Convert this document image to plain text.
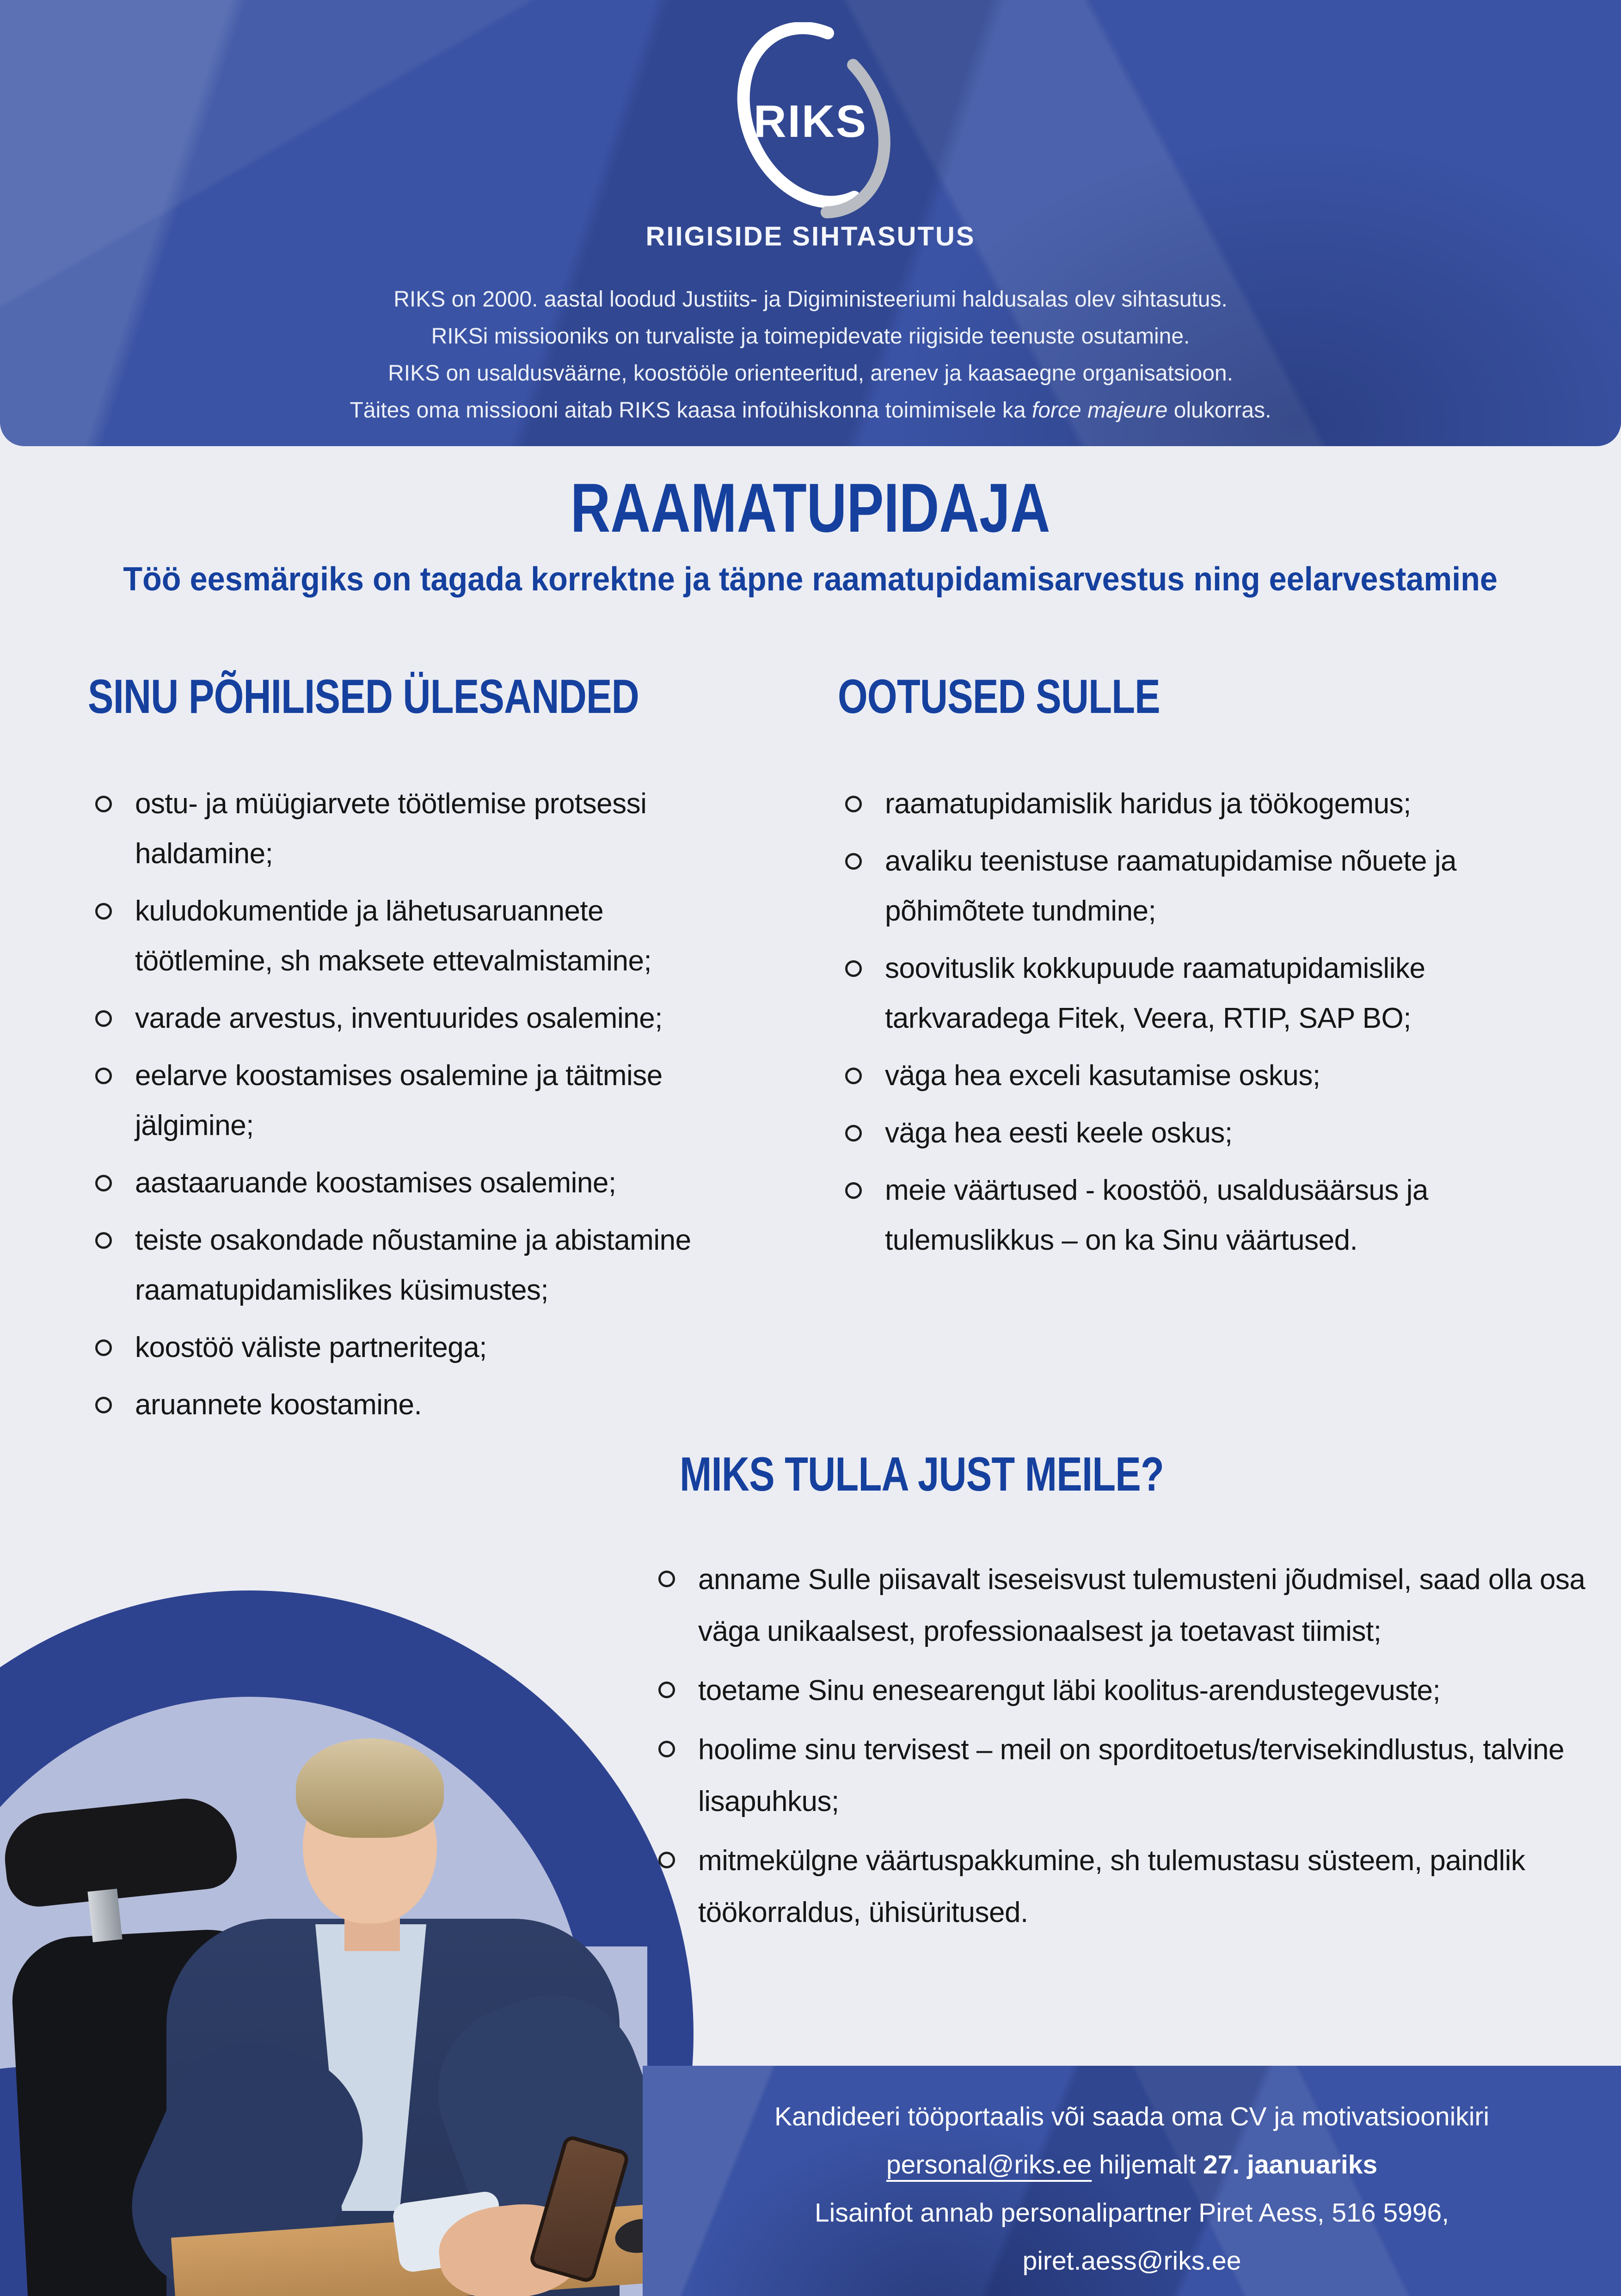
RIKS
RIIGISIDE SIHTASUTUS
RIKS on 2000. aastal loodud Justiits- ja Digiministeeriumi haldusalas olev sihtasutus.
RIKSi missiooniks on turvaliste ja toimepidevate riigiside teenuste osutamine.
RIKS on usaldusväärne, koostööle orienteeritud, arenev ja kaasaegne organisatsioon.
Täites oma missiooni aitab RIKS kaasa infoühiskonna toimimisele ka force majeure olukorras.
RAAMATUPIDAJA
Töö eesmärgiks on tagada korrektne ja täpne raamatupidamisarvestus ning eelarvestamine
SINU PÕHILISED ÜLESANDED
ostu- ja müügiarvete töötlemise protsessi haldamine;
kuludokumentide ja lähetusaruannete töötlemine, sh maksete ettevalmistamine;
varade arvestus, inventuurides osalemine;
eelarve koostamises osalemine ja täitmise jälgimine;
aastaaruande koostamises osalemine;
teiste osakondade nõustamine ja abistamine raamatupidamislikes küsimustes;
koostöö väliste partneritega;
aruannete koostamine.
OOTUSED SULLE
raamatupidamislik haridus ja töökogemus;
avaliku teenistuse raamatupidamise nõuete ja põhimõtete tundmine;
soovituslik kokkupuude raamatupidamislike tarkvaradega Fitek, Veera, RTIP, SAP BO;
väga hea exceli kasutamise oskus;
väga hea eesti keele oskus;
meie väärtused - koostöö, usaldusäärsus ja tulemuslikkus – on ka Sinu väärtused.
MIKS TULLA JUST MEILE?
anname Sulle piisavalt iseseisvust tulemusteni jõudmisel, saad olla osa väga unikaalsest, professionaalsest ja toetavast tiimist;
toetame Sinu enesearengut läbi koolitus-arendustegevuste;
hoolime sinu tervisest – meil on sporditoetus/tervisekindlustus, talvine lisapuhkus;
mitmekülgne väärtuspakkumine, sh tulemustasu süsteem, paindlik töökorraldus, ühisüritused.
Kandideeri tööportaalis või saada oma CV ja motivatsioonikiri
personal@riks.ee hiljemalt 27. jaanuariks
Lisainfot annab personalipartner Piret Aess, 516 5996,
piret.aess@riks.ee
